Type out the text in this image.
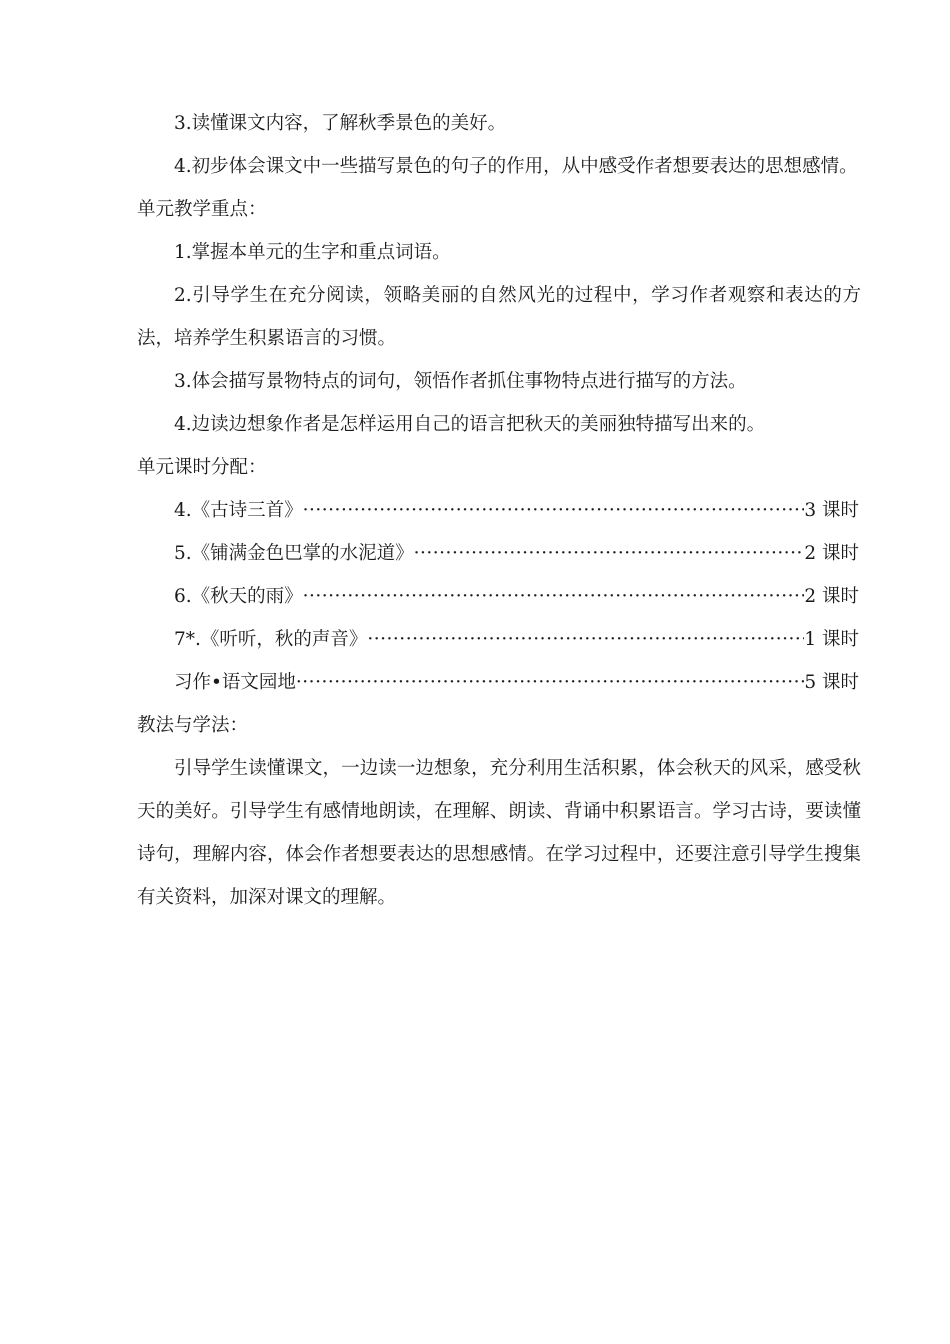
3.读懂课文内容，了解秋季景色的美好。

4.初步体会课文中一些描写景色的句子的作用，从中感受作者想要表达的思想感情。

单元教学重点：

1.掌握本单元的生字和重点词语。

2.引导学生在充分阅读，领略美丽的自然风光的过程中，学习作者观察和表达的方法，培养学生积累语言的习惯。

3.体会描写景物特点的词句，领悟作者抓住事物特点进行描写的方法。

4.边读边想象作者是怎样运用自己的语言把秋天的美丽独特描写出来的。

单元课时分配：

4.《古诗三首》 ·····	3 课时
5.《铺满金色巴掌的水泥道》 ·····	2 课时
6.《秋天的雨》 ·····	2 课时
7*.《听听，秋的声音》 ·····	1 课时
习作•语文园地 ·····	5 课时

教法与学法：

引导学生读懂课文，一边读一边想象，充分利用生活积累，体会秋天的风采，感受秋天的美好。引导学生有感情地朗读，在理解、朗读、背诵中积累语言。学习古诗，要读懂诗句，理解内容，体会作者想要表达的思想感情。在学习过程中，还要注意引导学生搜集有关资料，加深对课文的理解。
